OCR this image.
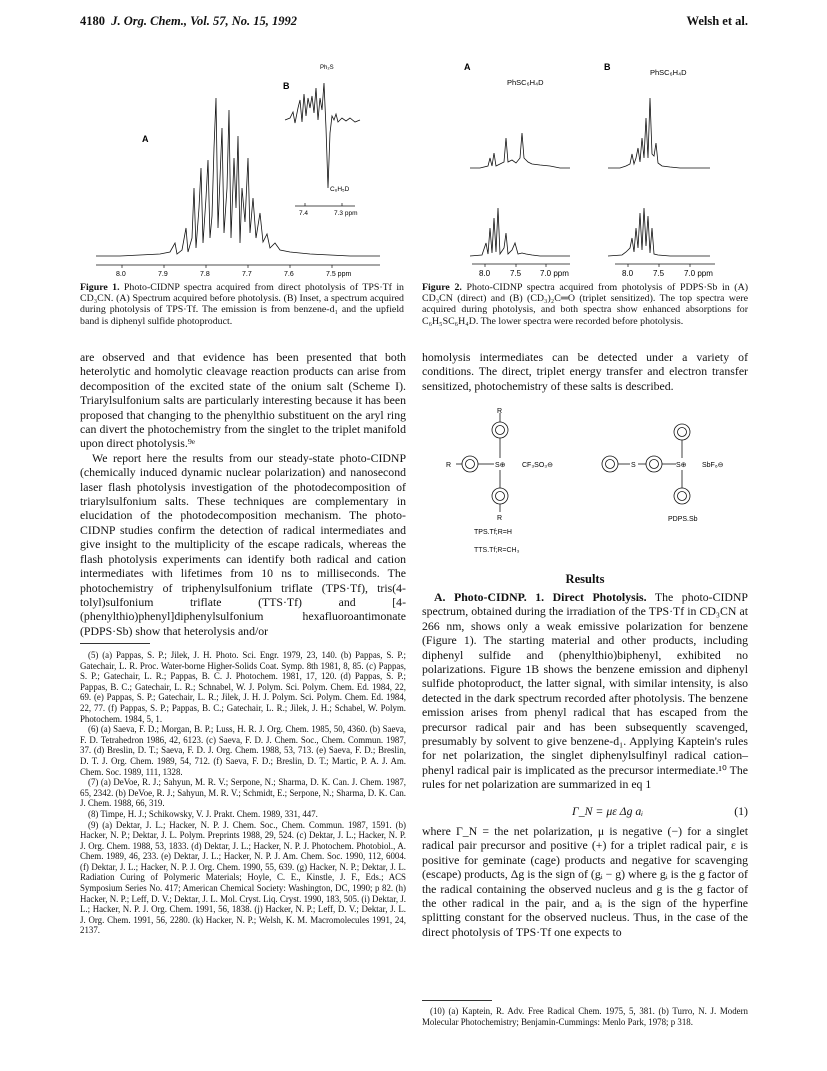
4180 J. Org. Chem., Vol. 57, No. 15, 1992	Welsh et al.
A
B
Ph₂S
C₆H₅D
7.4	7.3 ppm
8.0	7.9	7.8	7.7	7.6	7.5 ppm
Figure 1. Photo-CIDNP spectra acquired from direct photolysis of TPS·Tf in CD₃CN. (A) Spectrum acquired before photolysis. (B) Inset, a spectrum acquired during photolysis of TPS·Tf. The emission is from benzene-d₁ and the upfield band is diphenyl sulfide photoproduct.
A	B
PhSC₆H₄D
PhSC₆H₄D
8.0 7.5 7.0 ppm	8.0 7.5 7.0 ppm
Figure 2. Photo-CIDNP spectra acquired from photolysis of PDPS·Sb in (A) CD₃CN (direct) and (B) (CD₃)₂C═O (triplet sensitized). The top spectra were acquired during photolysis, and both spectra show enhanced absorptions for C₆H₅SC₆H₄D. The lower spectra were recorded before photolysis.

are observed and that evidence has been presented that both heterolytic and homolytic cleavage reaction products can arise from decomposition of the excited state of the onium salt (Scheme I). Triarylsulfonium salts are particularly interesting because it has been proposed that changing to the phenylthio substituent on the aryl ring can divert the photochemistry from the singlet to the triplet manifold upon direct photolysis.⁹ᵉ

We report here the results from our steady-state photo-CIDNP (chemically induced dynamic nuclear polarization) and nanosecond laser flash photolysis investigation of the photodecomposition of triarylsulfonium salts. These techniques are complementary in elucidation of the photodecomposition mechanism. The photo-CIDNP studies confirm the detection of radical intermediates and give insight to the multiplicity of the escape radicals, whereas the flash photolysis experiments can identify both radical and cation intermediates with lifetimes from 10 ns to milliseconds. The photochemistry of triphenylsulfonium triflate (TPS·Tf), tris(4-tolyl)sulfonium triflate (TTS·Tf) and [4-(phenylthio)phenyl]diphenylsulfonium hexafluoroantimonate (PDPS·Sb) show that heterolysis and/or

(5) (a) Pappas, S. P.; Jilek, J. H. Photo. Sci. Engr. 1979, 23, 140. (b) Pappas, S. P.; Gatechair, L. R. Proc. Water-borne Higher-Solids Coat. Symp. 8th 1981, 8, 85. (c) Pappas, S. P.; Gatechair, L. R.; Pappas, B. C. J. Photochem. 1981, 17, 120. (d) Pappas, S. P.; Pappas, B. C.; Gatechair, L. R.; Schnabel, W. J. Polym. Sci. Polym. Chem. Ed. 1984, 22, 69. (e) Pappas, S. P.; Gatechair, L. R.; Jilek, J. H. J. Polym. Sci. Polym. Chem. Ed. 1984, 22, 77. (f) Pappas, S. P.; Pappas, B. C.; Gatechair, L. R.; Jilek, J. H.; Schabel, W. Polym. Photochem. 1984, 5, 1.

(6) (a) Saeva, F. D.; Morgan, B. P.; Luss, H. R. J. Org. Chem. 1985, 50, 4360. (b) Saeva, F. D. Tetrahedron 1986, 42, 6123. (c) Saeva, F. D. J. Chem. Soc., Chem. Commun. 1987, 37. (d) Breslin, D. T.; Saeva, F. D. J. Org. Chem. 1988, 53, 713. (e) Saeva, F. D.; Breslin, D. T. J. Org. Chem. 1989, 54, 712. (f) Saeva, F. D.; Breslin, D. T.; Martic, P. A. J. Am. Chem. Soc. 1989, 111, 1328.

(7) (a) DeVoe, R. J.; Sahyun, M. R. V.; Serpone, N.; Sharma, D. K. Can. J. Chem. 1987, 65, 2342. (b) DeVoe, R. J.; Sahyun, M. R. V.; Schmidt, E.; Serpone, N.; Sharma, D. K. Can. J. Chem. 1988, 66, 319.

(8) Timpe, H. J.; Schikowsky, V. J. Prakt. Chem. 1989, 331, 447.

(9) (a) Dektar, J. L.; Hacker, N. P. J. Chem. Soc., Chem. Commun. 1987, 1591. (b) Hacker, N. P.; Dektar, J. L. Polym. Preprints 1988, 29, 524. (c) Dektar, J. L.; Hacker, N. P. J. Org. Chem. 1988, 53, 1833. (d) Dektar, J. L.; Hacker, N. P. J. Photochem. Photobiol., A. Chem. 1989, 46, 233. (e) Dektar, J. L.; Hacker, N. P. J. Am. Chem. Soc. 1990, 112, 6004. (f) Dektar, J. L.; Hacker, N. P. J. Org. Chem. 1990, 55, 639. (g) Hacker, N. P.; Dektar, J. L. Radiation Curing of Polymeric Materials; Hoyle, C. E., Kinstle, J. F., Eds.; ACS Symposium Series No. 417; American Chemical Society: Washington, DC, 1990; p 82. (h) Hacker, N. P.; Leff, D. V.; Dektar, J. L. Mol. Cryst. Liq. Cryst. 1990, 183, 505. (i) Dektar, J. L.; Hacker, N. P. J. Org. Chem. 1991, 56, 1838. (j) Hacker, N. P.; Leff, D. V.; Dektar, J. L. J. Org. Chem. 1991, 56, 2280. (k) Hacker, N. P.; Welsh, K. M. Macromolecules 1991, 24, 2137.

homolysis intermediates can be detected under a variety of conditions. The direct, triplet energy transfer and electron transfer sensitized, photochemistry of these salts is described.

R
R
R
S⊕ CF₃SO₃⊖
TPS.Tf;R=H
S	S⊕ SbF₆⊖
PDPS.Sb
TTS.Tf;R=CH₃
Results

A. Photo-CIDNP. 1. Direct Photolysis. The photo-CIDNP spectrum, obtained during the irradiation of the TPS·Tf in CD₃CN at 266 nm, shows only a weak emissive polarization for benzene (Figure 1). The starting material and other products, including diphenyl sulfide and (phenylthio)biphenyl, exhibited no polarizations. Figure 1B shows the benzene emission and diphenyl sulfide photoproduct, the latter signal, with similar intensity, is also detected in the dark spectrum recorded after photolysis. The benzene emission arises from phenyl radical that has escaped from the precursor radical pair and has been subsequently scavenged, presumably by solvent to give benzene-d₁. Applying Kaptein's rules for net polarization, the singlet diphenylsulfinyl radical cation–phenyl radical pair is implicated as the precursor intermediate.¹⁰ The rules for net polarization are summarized in eq 1

Γ_N = με Δg aᵢ	(1)

where Γ_N = the net polarization, μ is negative (−) for a singlet radical pair precursor and positive (+) for a triplet radical pair, ε is positive for geminate (cage) products and negative for scavenging (escape) products, Δg is the sign of (gᵢ − g) where gᵢ is the g factor of the radical containing the observed nucleus and g is the g factor of the other radical in the pair, and aᵢ is the sign of the hyperfine splitting constant for the observed nucleus. Thus, in the case of the direct photolysis of TPS·Tf one expects to

(10) (a) Kaptein, R. Adv. Free Radical Chem. 1975, 5, 381. (b) Turro, N. J. Modern Molecular Photochemistry; Benjamin-Cummings: Menlo Park, 1978; p 318.
